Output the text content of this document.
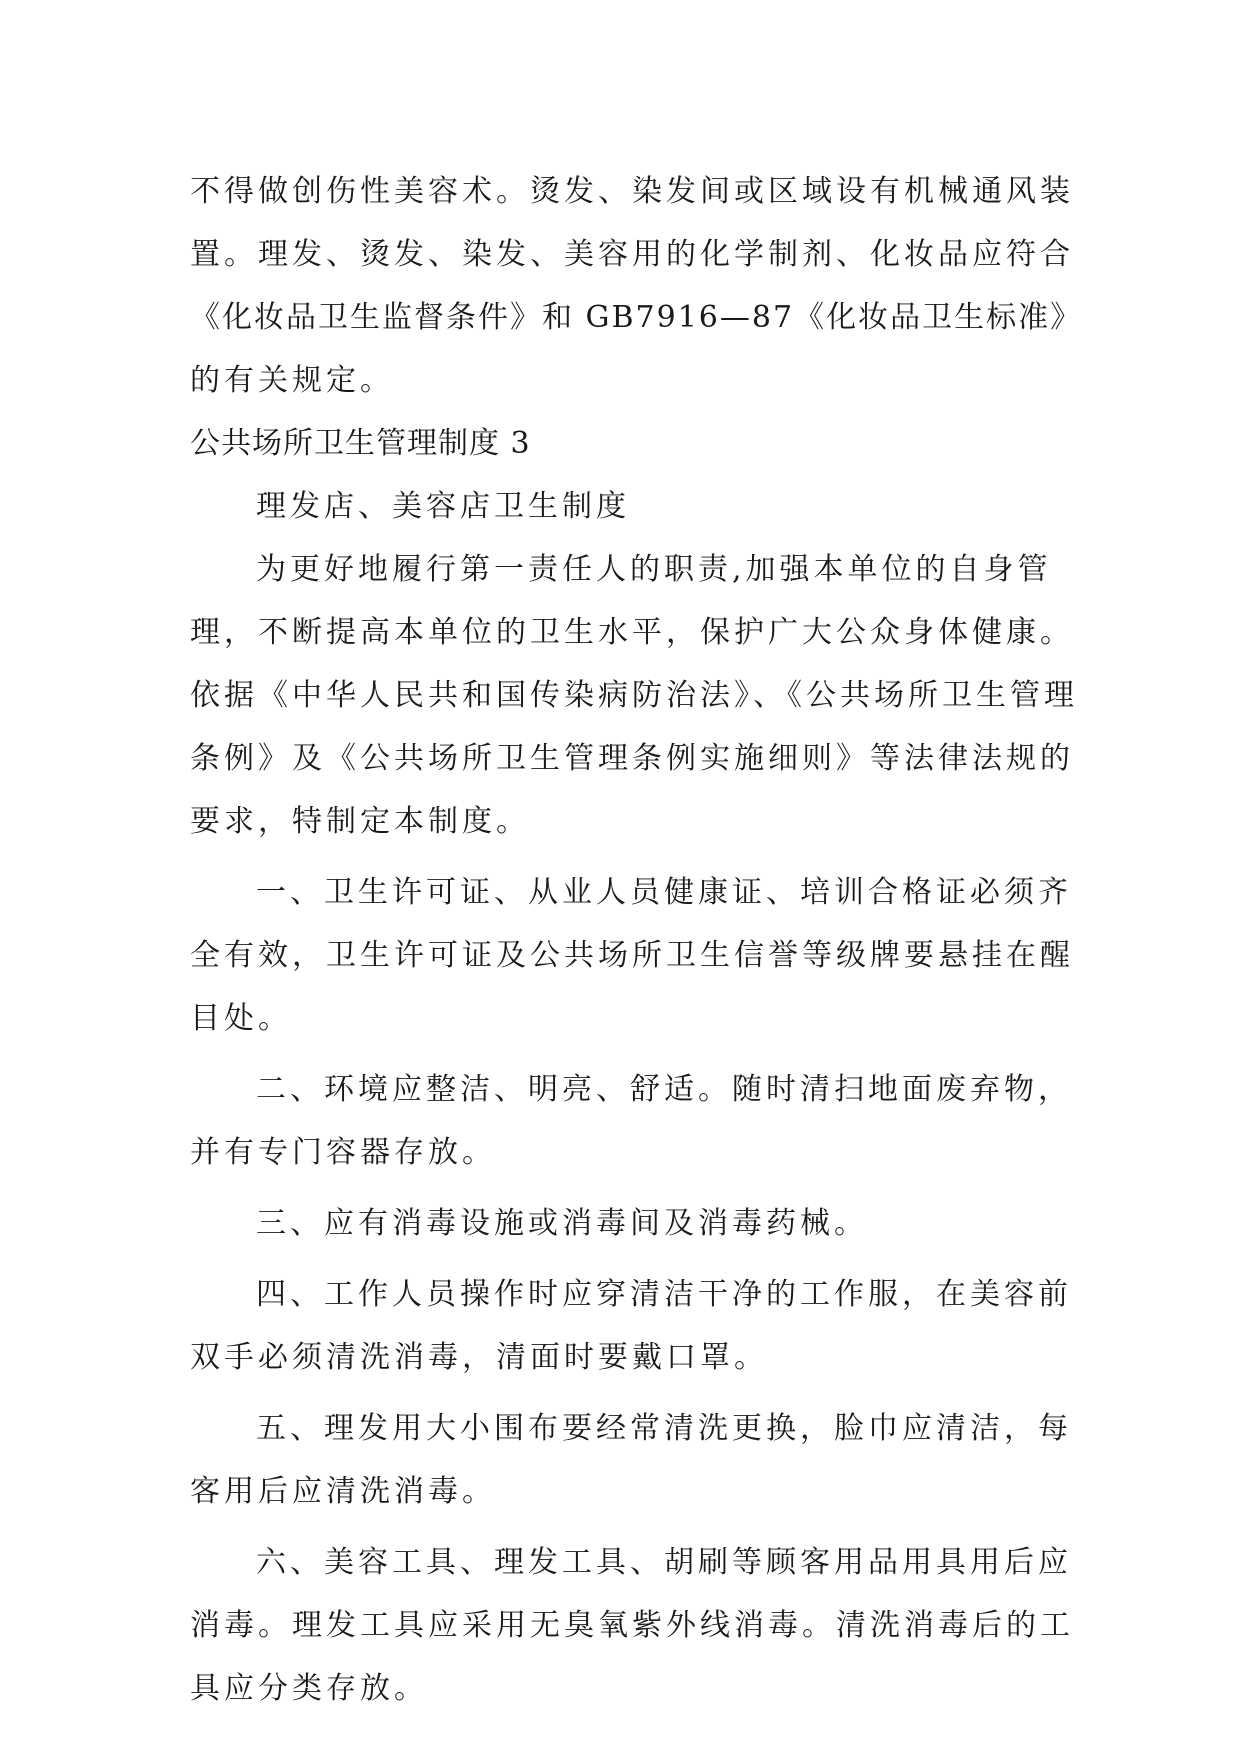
不得做创伤性美容术。烫发、染发间或区域设有机械通风装
置。理发、烫发、染发、美容用的化学制剂、化妆品应符合
《化妆品卫生监督条件》和 GB7916—87《化妆品卫生标准》
的有关规定。
公共场所卫生管理制度 3
理发店、美容店卫生制度
为更好地履行第一责任人的职责,加强本单位的自身管
理，不断提高本单位的卫生水平，保护广大公众身体健康。
依据《中华人民共和国传染病防治法》、《公共场所卫生管理
条例》及《公共场所卫生管理条例实施细则》等法律法规的
要求，特制定本制度。
一、卫生许可证、从业人员健康证、培训合格证必须齐
全有效，卫生许可证及公共场所卫生信誉等级牌要悬挂在醒
目处。
二、环境应整洁、明亮、舒适。随时清扫地面废弃物，
并有专门容器存放。
三、应有消毒设施或消毒间及消毒药械。
四、工作人员操作时应穿清洁干净的工作服，在美容前
双手必须清洗消毒，清面时要戴口罩。
五、理发用大小围布要经常清洗更换，脸巾应清洁，每
客用后应清洗消毒。
六、美容工具、理发工具、胡刷等顾客用品用具用后应
消毒。理发工具应采用无臭氧紫外线消毒。清洗消毒后的工
具应分类存放。
